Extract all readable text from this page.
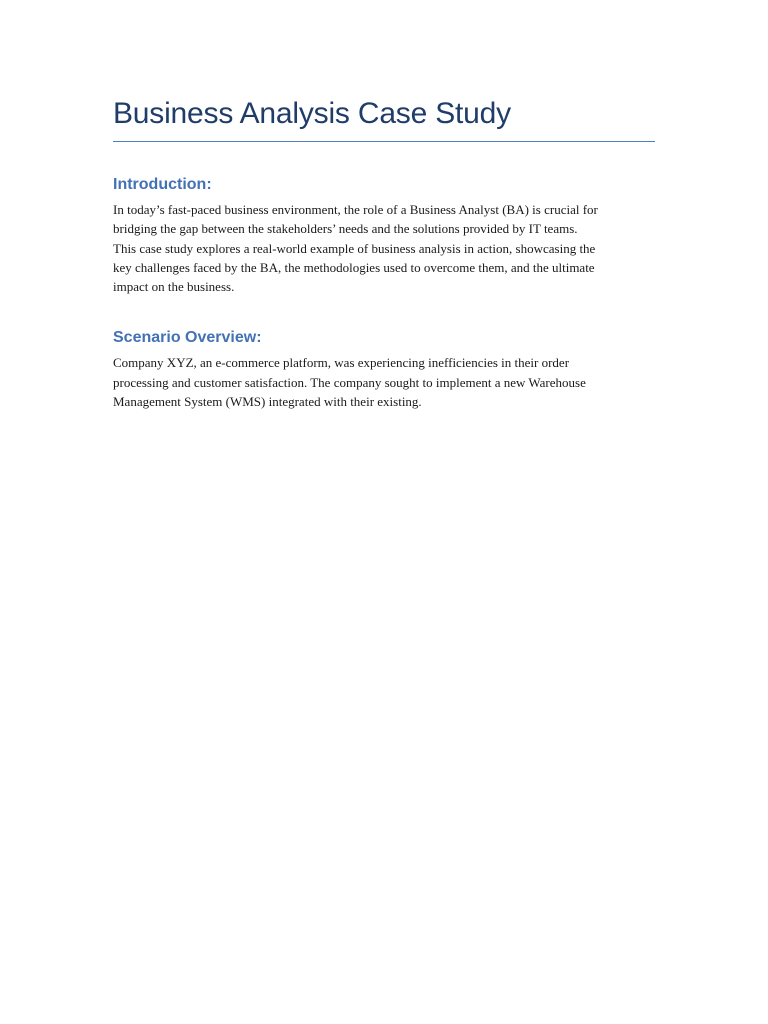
Business Analysis Case Study
Introduction:

In today’s fast-paced business environment, the role of a Business Analyst (BA) is crucial for
bridging the gap between the stakeholders’ needs and the solutions provided by IT teams.
This case study explores a real-world example of business analysis in action, showcasing the
key challenges faced by the BA, the methodologies used to overcome them, and the ultimate
impact on the business.

Scenario Overview:

Company XYZ, an e-commerce platform, was experiencing inefficiencies in their order
processing and customer satisfaction. The company sought to implement a new Warehouse
Management System (WMS) integrated with their existing.
